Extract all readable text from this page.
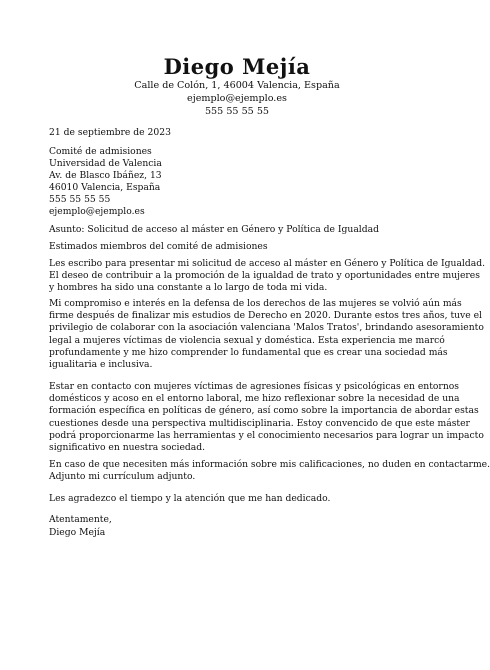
Diego Mejía
Calle de Colón, 1, 46004 Valencia, España
ejemplo@ejemplo.es
555 55 55 55
21 de septiembre de 2023
Comité de admisiones
Universidad de Valencia
Av. de Blasco Ibáñez, 13
46010 Valencia, España
555 55 55 55
ejemplo@ejemplo.es
Asunto: Solicitud de acceso al máster en Género y Política de Igualdad
Estimados miembros del comité de admisiones
Les escribo para presentar mi solicitud de acceso al máster en Género y Política de Igualdad.
El deseo de contribuir a la promoción de la igualdad de trato y oportunidades entre mujeres
y hombres ha sido una constante a lo largo de toda mi vida.
Mi compromiso e interés en la defensa de los derechos de las mujeres se volvió aún más
firme después de finalizar mis estudios de Derecho en 2020. Durante estos tres años, tuve el
privilegio de colaborar con la asociación valenciana 'Malos Tratos', brindando asesoramiento
legal a mujeres víctimas de violencia sexual y doméstica. Esta experiencia me marcó
profundamente y me hizo comprender lo fundamental que es crear una sociedad más
igualitaria e inclusiva.
Estar en contacto con mujeres víctimas de agresiones físicas y psicológicas en entornos
domésticos y acoso en el entorno laboral, me hizo reflexionar sobre la necesidad de una
formación específica en políticas de género, así como sobre la importancia de abordar estas
cuestiones desde una perspectiva multidisciplinaria. Estoy convencido de que este máster
podrá proporcionarme las herramientas y el conocimiento necesarios para lograr un impacto
significativo en nuestra sociedad.
En caso de que necesiten más información sobre mis calificaciones, no duden en contactarme.
Adjunto mi currículum adjunto.
Les agradezco el tiempo y la atención que me han dedicado.
Atentamente,
Diego Mejía
